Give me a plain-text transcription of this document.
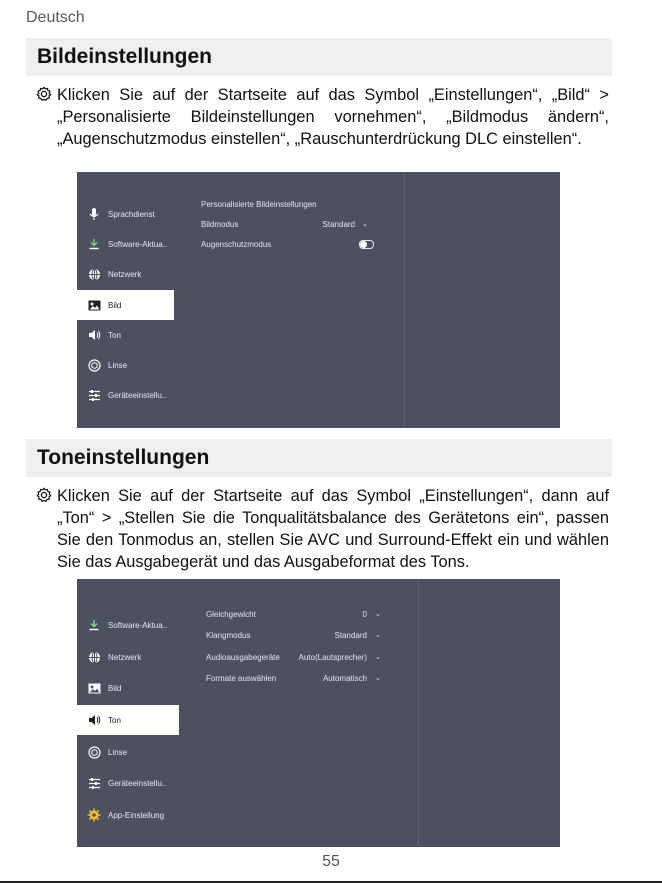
Deutsch
Bildeinstellungen
Klicken Sie auf der Startseite auf das Symbol „Einstellungen“, „Bild“ > „Personalisierte Bildeinstellungen vornehmen“, „Bildmodus ändern“, „Augenschutzmodus einstellen“, „Rauschunterdrückung DLC einstellen“.
Sprachdienst
Software-Aktua..
Netzwerk
Bild
Ton
Linse
Geräteeinstellu..
Personalisierte Bildeinstellungen
Bildmodus	Standard ⌄
Augenschutzmodus
Toneinstellungen
Klicken Sie auf der Startseite auf das Symbol „Einstellungen“, dann auf „Ton“ > „Stellen Sie die Tonqualitätsbalance des Gerätetons ein“, passen Sie den Tonmodus an, stellen Sie AVC und Surround-Effekt ein und wählen Sie das Ausgabegerät und das Ausgabeformat des Tons.
Software-Aktua..
Netzwerk
Bild
Ton
Linse
Geräteeinstellu..
App-Einstellung
Gleichgewicht	0 ⌄
Klangmodus	Standard ⌄
Audioausgabegeräte	Auto(Lautsprecher) ⌄
Formate auswählen	Automatisch ⌄
55
